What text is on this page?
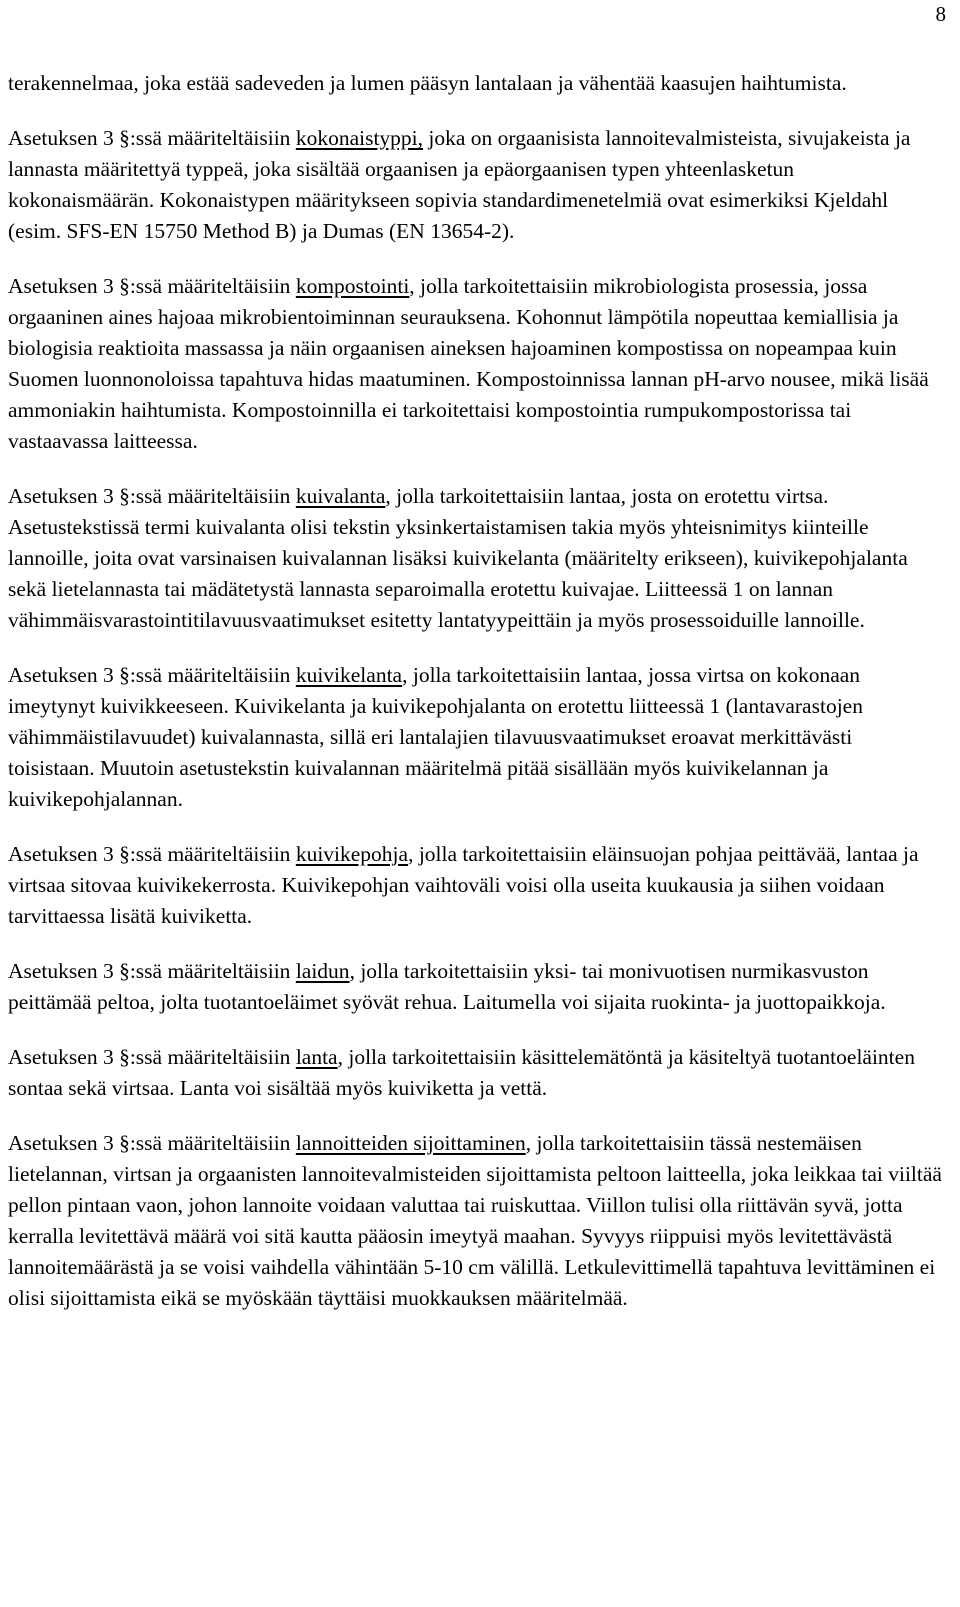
8

terakennelmaa, joka estää sadeveden ja lumen pääsyn lantalaan ja vähentää kaasujen haihtumista.

Asetuksen 3 §:ssä määriteltäisiin kokonaistyppi, joka on orgaanisista lannoitevalmisteista, sivujakeista ja lannasta määritettyä typpeä, joka sisältää orgaanisen ja epäorgaanisen typen yhteenlasketun kokonaismäärän. Kokonaistypen määritykseen sopivia standardimenetelmiä ovat esimerkiksi Kjeldahl (esim. SFS-EN 15750 Method B) ja Dumas (EN 13654-2).

Asetuksen 3 §:ssä määriteltäisiin kompostointi, jolla tarkoitettaisiin mikrobiologista prosessia, jossa orgaaninen aines hajoaa mikrobientoiminnan seurauksena. Kohonnut lämpötila nopeuttaa kemiallisia ja biologisia reaktioita massassa ja näin orgaanisen aineksen hajoaminen kompostissa on nopeampaa kuin Suomen luonnonoloissa tapahtuva hidas maatuminen. Kompostoinnissa lannan pH-arvo nousee, mikä lisää ammoniakin haihtumista. Kompostoinnilla ei tarkoitettaisi kompostointia rumpukompostorissa tai vastaavassa laitteessa.

Asetuksen 3 §:ssä määriteltäisiin kuivalanta, jolla tarkoitettaisiin lantaa, josta on erotettu virtsa. Asetustekstissä termi kuivalanta olisi tekstin yksinkertaistamisen takia myös yhteisnimitys kiinteille lannoille, joita ovat varsinaisen kuivalannan lisäksi kuivikelanta (määritelty erikseen), kuivikepohjalanta sekä lietelannasta tai mädätetystä lannasta separoimalla erotettu kuivajae. Liitteessä 1 on lannan vähimmäisvarastointitilavuusvaatimukset esitetty lantatyypeittäin ja myös prosessoiduille lannoille.

Asetuksen 3 §:ssä määriteltäisiin kuivikelanta, jolla tarkoitettaisiin lantaa, jossa virtsa on kokonaan imeytynyt kuivikkeeseen. Kuivikelanta ja kuivikepohjalanta on erotettu liitteessä 1 (lantavarastojen vähimmäistilavuudet) kuivalannasta, sillä eri lantalajien tilavuusvaatimukset eroavat merkittävästi toisistaan. Muutoin asetustekstin kuivalannan määritelmä pitää sisällään myös kuivikelannan ja kuivikepohjalannan.

Asetuksen 3 §:ssä määriteltäisiin kuivikepohja, jolla tarkoitettaisiin eläinsuojan pohjaa peittävää, lantaa ja virtsaa sitovaa kuivikekerrosta. Kuivikepohjan vaihtoväli voisi olla useita kuukausia ja siihen voidaan tarvittaessa lisätä kuiviketta.

Asetuksen 3 §:ssä määriteltäisiin laidun, jolla tarkoitettaisiin yksi- tai monivuotisen nurmikasvuston peittämää peltoa, jolta tuotantoeläimet syövät rehua. Laitumella voi sijaita ruokinta- ja juottopaikkoja.

Asetuksen 3 §:ssä määriteltäisiin lanta, jolla tarkoitettaisiin käsittelemätöntä ja käsiteltyä tuotantoeläinten sontaa sekä virtsaa. Lanta voi sisältää myös kuiviketta ja vettä.

Asetuksen 3 §:ssä määriteltäisiin lannoitteiden sijoittaminen, jolla tarkoitettaisiin tässä nestemäisen lietelannan, virtsan ja orgaanisten lannoitevalmisteiden sijoittamista peltoon laitteella, joka leikkaa tai viiltää pellon pintaan vaon, johon lannoite voidaan valuttaa tai ruiskuttaa. Viillon tulisi olla riittävän syvä, jotta kerralla levitettävä määrä voi sitä kautta pääosin imeytyä maahan. Syvyys riippuisi myös levitettävästä lannoitemäärästä ja se voisi vaihdella vähintään 5-10 cm välillä. Letkulevittimellä tapahtuva levittäminen ei olisi sijoittamista eikä se myöskään täyttäisi muokkauksen määritelmää.
